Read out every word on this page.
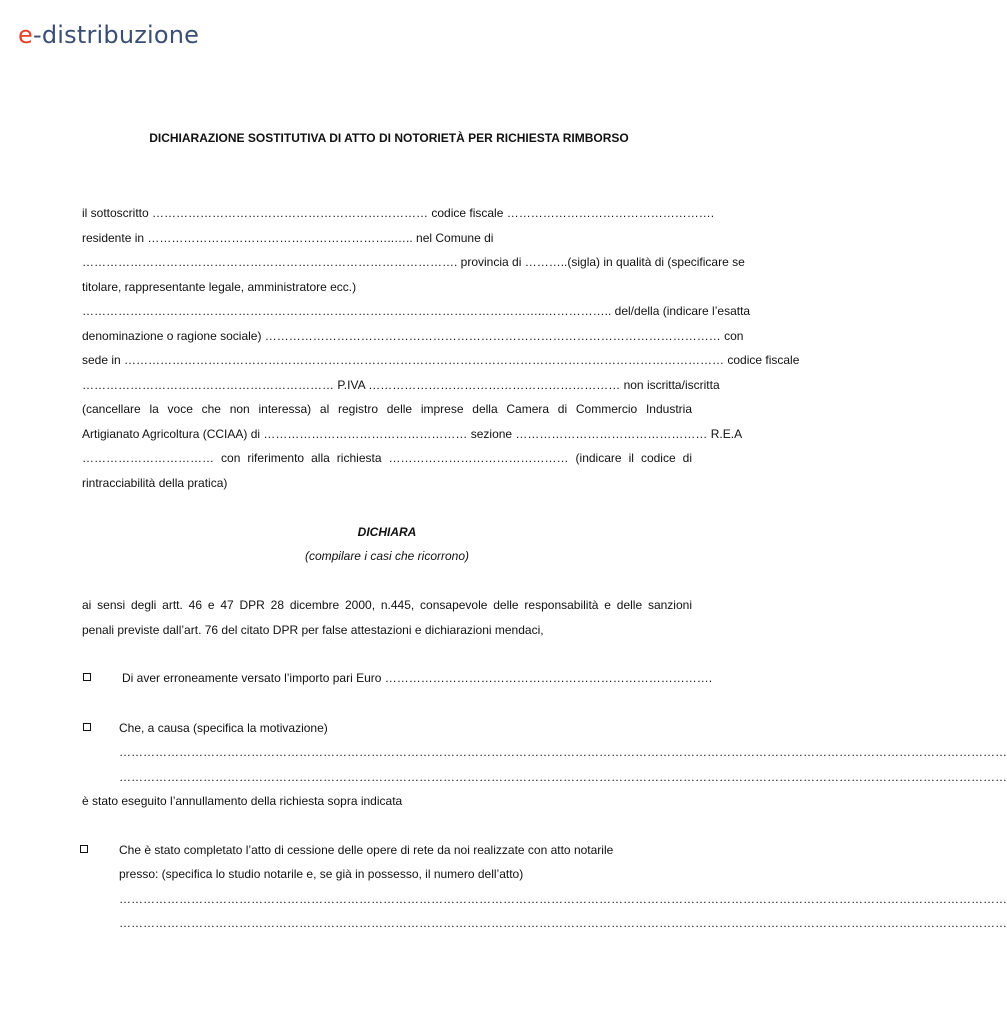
e-distribuzione
DICHIARAZIONE SOSTITUTIVA DI ATTO DI NOTORIETÀ PER RICHIESTA RIMBORSO
il sottoscritto …………………………………………………………… codice fiscale …………………………………………….
residente in ……………………………………………………..….. nel Comune di
…………………………………………………………………………………. provincia di ………..(sigla) in qualità di (specificare se
titolare, rappresentante legale, amministratore ecc.)
……………………………………………………………………………………………………..…………….. del/della (indicare l’esatta
denominazione o ragione sociale) …………………………………………………………………………………………………… con
sede in …………………………………………………………………………………………………………………………………… codice fiscale
……………………………………………………… P.IVA ……………………………………………………… non iscritta/iscritta
(cancellare la voce che non interessa) al registro delle imprese della Camera di Commercio Industria
Artigianato Agricoltura (CCIAA) di …………………………………………… sezione ………………………………………… R.E.A
…………………………… con riferimento alla richiesta ……………………………………… (indicare il codice di
rintracciabilità della pratica)
DICHIARA
(compilare i casi che ricorrono)
ai sensi degli artt. 46 e 47 DPR 28 dicembre 2000, n.445, consapevole delle responsabilità e delle sanzioni
penali previste dall’art. 76 del citato DPR per false attestazioni e dichiarazioni mendaci,
Di aver erroneamente versato l’importo pari Euro ……………………………………………………………………….
Che, a causa (specifica la motivazione)
……………………………………………………………………………………………………………………………………………………………………………………………………
……………………………………………………………………………………………………………………………………………………………………………………………………
è stato eseguito l’annullamento della richiesta sopra indicata
Che è stato completato l’atto di cessione delle opere di rete da noi realizzate con atto notarile
presso: (specifica lo studio notarile e, se già in possesso, il numero dell’atto)
……………………………………………………………………………………………………………………………………………………………………………………………………
……………………………………………………………………………………………………………………………………………………………………………………………………
